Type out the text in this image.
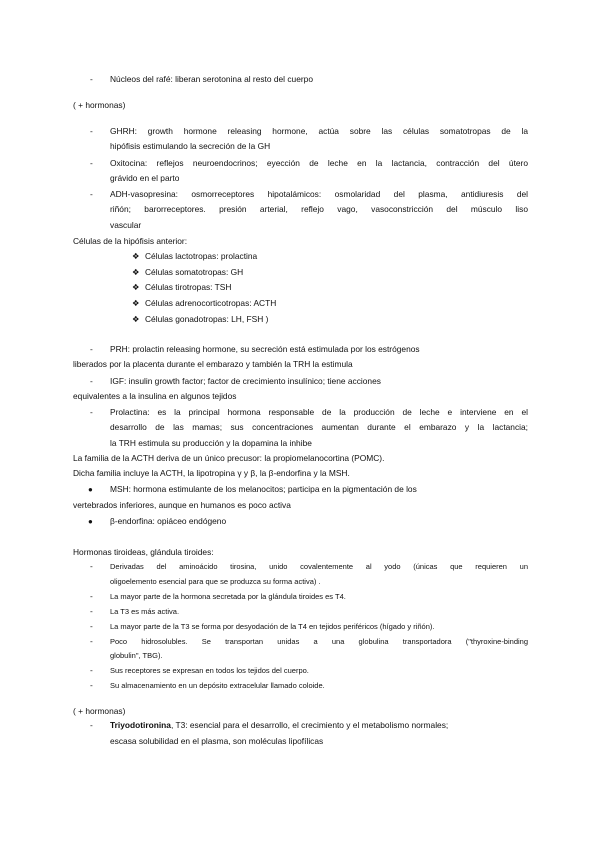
- Núcleos del rafé: liberan serotonina al resto del cuerpo
( + hormonas)
- GHRH: growth hormone releasing hormone, actúa sobre las células somatotropas de la
hipófisis estimulando la secreción de la GH
- Oxitocina: reflejos neuroendocrinos; eyección de leche en la lactancia, contracción del útero
grávido en el parto
- ADH-vasopresina: osmorreceptores hipotalámicos: osmolaridad del plasma, antidiuresis del
riñón; barorreceptores. presión arterial, reflejo vago, vasoconstricción del músculo liso
vascular
Células de la hipófisis anterior:
❖ Células lactotropas: prolactina
❖ Células somatotropas: GH
❖ Células tirotropas: TSH
❖ Células adrenocorticotropas: ACTH
❖ Células gonadotropas: LH, FSH )
- PRH: prolactin releasing hormone, su secreción está estimulada por los estrógenos
liberados por la placenta durante el embarazo y también la TRH la estimula
- IGF: insulin growth factor; factor de crecimiento insulínico; tiene acciones
equivalentes a la insulina en algunos tejidos
- Prolactina: es la principal hormona responsable de la producción de leche e interviene en el
desarrollo de las mamas; sus concentraciones aumentan durante el embarazo y la lactancia;
la TRH estimula su producción y la dopamina la inhibe
La familia de la ACTH deriva de un único precusor: la propiomelanocortina (POMC).
Dicha familia incluye la ACTH, la lipotropina γ y β, la β-endorfina y la MSH.
● MSH: hormona estimulante de los melanocitos; participa en la pigmentación de los
vertebrados inferiores, aunque en humanos es poco activa
● β-endorfina: opiáceo endógeno
Hormonas tiroideas, glándula tiroides:
- Derivadas del aminoácido tirosina, unido covalentemente al yodo (únicas que requieren un
oligoelemento esencial para que se produzca su forma activa) .
- La mayor parte de la hormona secretada por la glándula tiroides es T4.
- La T3 es más activa.
- La mayor parte de la T3 se forma por desyodación de la T4 en tejidos periféricos (hígado y riñón).
- Poco hidrosolubles. Se transportan unidas a una globulina transportadora ("thyroxine-binding
globulin", TBG).
- Sus receptores se expresan en todos los tejidos del cuerpo.
- Su almacenamiento en un depósito extracelular llamado coloide.
( + hormonas)
- Triyodotironina, T3: esencial para el desarrollo, el crecimiento y el metabolismo normales;
escasa solubilidad en el plasma, son moléculas lipofílicas
